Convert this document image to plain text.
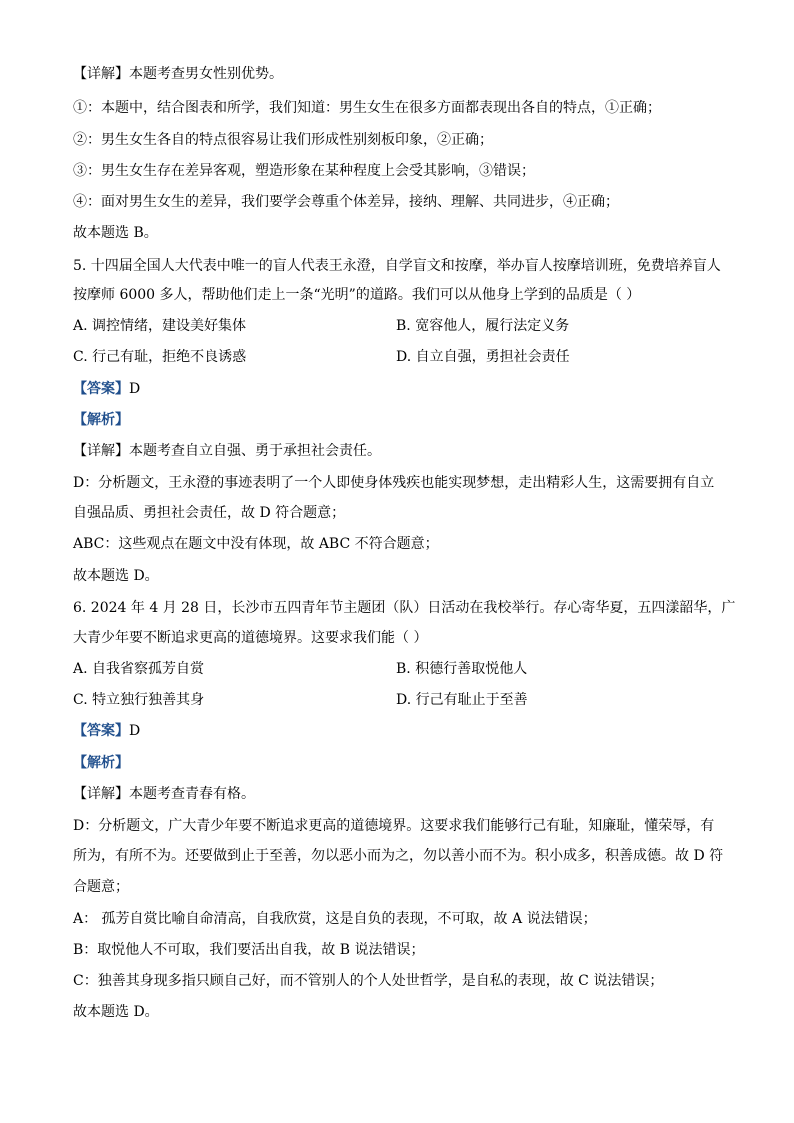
【详解】本题考查男女性别优势。
①：本题中，结合图表和所学，我们知道：男生女生在很多方面都表现出各自的特点，①正确；
②：男生女生各自的特点很容易让我们形成性别刻板印象，②正确；
③：男生女生存在差异客观，塑造形象在某种程度上会受其影响，③错误；
④：面对男生女生的差异，我们要学会尊重个体差异，接纳、理解、共同进步，④正确；
故本题选 B。
5. 十四届全国人大代表中唯一的盲人代表王永澄，自学盲文和按摩，举办盲人按摩培训班，免费培养盲人
按摩师 6000 多人，帮助他们走上一条“光明”的道路。我们可以从他身上学到的品质是（ ）
A. 调控情绪，建设美好集体	B. 宽容他人，履行法定义务
C. 行己有耻，拒绝不良诱惑	D. 自立自强，勇担社会责任
【答案】D
【解析】
【详解】本题考查自立自强、勇于承担社会责任。
D：分析题文，王永澄的事迹表明了一个人即使身体残疾也能实现梦想，走出精彩人生，这需要拥有自立
自强品质、勇担社会责任，故 D 符合题意；
ABC：这些观点在题文中没有体现，故 ABC 不符合题意；
故本题选 D。
6. 2024 年 4 月 28 日，长沙市五四青年节主题团（队）日活动在我校举行。存心寄华夏，五四漾韶华，广
大青少年要不断追求更高的道德境界。这要求我们能（ ）
A. 自我省察孤芳自赏	B. 积德行善取悦他人
C. 特立独行独善其身	D. 行己有耻止于至善
【答案】D
【解析】
【详解】本题考查青春有格。
D：分析题文，广大青少年要不断追求更高的道德境界。这要求我们能够行己有耻，知廉耻，懂荣辱，有
所为，有所不为。还要做到止于至善，勿以恶小而为之，勿以善小而不为。积小成多，积善成德。故 D 符
合题意；
A： 孤芳自赏比喻自命清高，自我欣赏，这是自负的表现，不可取，故 A 说法错误；
B：取悦他人不可取，我们要活出自我，故 B 说法错误；
C：独善其身现多指只顾自己好，而不管别人的个人处世哲学，是自私的表现，故 C 说法错误；
故本题选 D。
